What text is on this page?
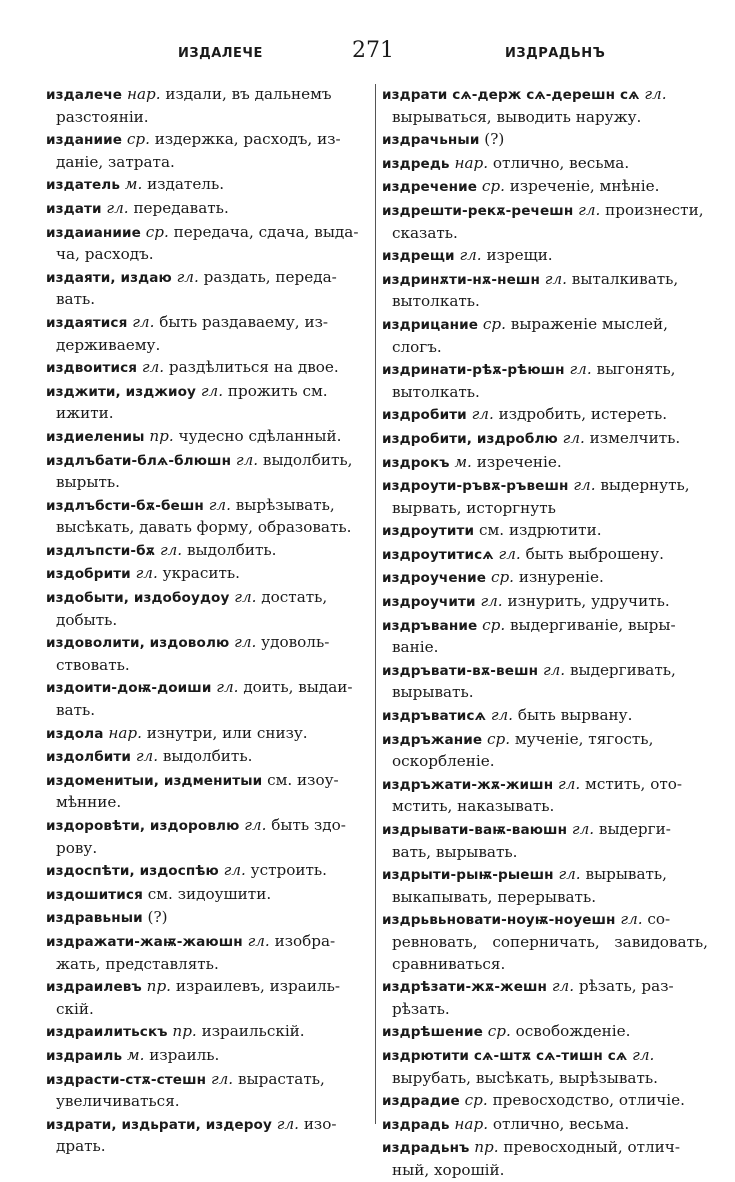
ИЗДАЛЕЧЕ	271	ИЗДРАДЬНЪ
издалече нар. издали, въ дальнемъ
разстояніи.
изданиие ср. издержка, расходъ, из-
даніе, затрата.
издатель м. издатель.
издати гл. передавать.
издаианиие ср. передача, сдача, выда-
ча, расходъ.
издаяти, издаю гл. раздать, переда-
вать.
издаятися гл. быть раздаваему, из-
держиваему.
издвоитися гл. раздѣлиться на двое.
изджити, изджиоу гл. прожить см.
ижити.
издиелениы пр. чудесно сдѣланный.
издлъбати-блѧ-блюшн гл. выдолбить,
вырыть.
издлъбсти-бѫ-бешн гл. вырѣзывать,
высѣкать, давать форму, образовать.
издлъпсти-бѫ гл. выдолбить.
издобрити гл. украсить.
издобыти, издобоудоу гл. достать,
добыть.
издоволити, издоволю гл. удоволь-
ствовать.
издоити-доѭ-доиши гл. доить, выдаи-
вать.
издола нар. изнутри, или снизу.
издолбити гл. выдолбить.
издоменитыи, издменитыи см. изоу-
мѣнние.
издоровѣти, издоровлю гл. быть здо-
рову.
издоспѣти, издоспѣю гл. устроить.
издошитися см. зидоушити.
издравьныи (?)
издражати-жаѭ-жаюшн гл. изобра-
жать, представлять.
издраилевъ пр. израилевъ, израиль-
скій.
издраилитьскъ пр. израильскій.
издраиль м. израиль.
издрасти-стѫ-стешн гл. вырастать,
увеличиваться.
издрати, издьрати, издероу гл. изо-
драть.
издрати сѧ-держ сѧ-дерешн сѧ гл.
вырываться, выводить наружу.
издрачьныи (?)
издредь нар. отлично, весьма.
издречение ср. изреченіе, мнѣніе.
издрешти-рекѫ-речешн гл. произнести,
сказать.
издрещи гл. изрещи.
издринѫти-нѫ-нешн гл. выталкивать,
вытолкать.
издрицание ср. выраженіе мыслей,
слогъ.
издринати-рѣѫ-рѣюшн гл. выгонять,
вытолкать.
издробити гл. издробить, истереть.
издробити, издроблю гл. измелчить.
издрокъ м. изреченіе.
издроути-ръвѫ-ръвешн гл. выдернуть,
вырвать, исторгнуть
издроутити см. издрютити.
издроутитисѧ гл. быть выброшену.
издроучение ср. изнуреніе.
издроучити гл. изнурить, удручить.
издръвание ср. выдергиваніе, выры-
ваніе.
издръвати-вѫ-вешн гл. выдергивать,
вырывать.
издръватисѧ гл. быть вырвану.
издръжание ср. мученіе, тягость,
оскорбленіе.
издръжати-жѫ-жишн гл. мстить, ото-
мстить, наказывать.
издрывати-ваѭ-ваюшн гл. выдерги-
вать, вырывать.
издрыти-рыѭ-рыешн гл. вырывать,
выкапывать, перерывать.
издрьвьновати-ноуѭ-ноуешн гл. со-
ревновать, соперничать, завидовать, сравниваться.
издрѣзати-жѫ-жешн гл. рѣзать, раз-
рѣзать.
издрѣшение ср. освобожденіе.
издрютити сѧ-штѫ сѧ-тишн сѧ гл.
вырубать, высѣкать, вырѣзывать.
издрадие ср. превосходство, отличіе.
издрадь нар. отлично, весьма.
издрадьнъ пр. превосходный, отлич-
ный, хорошій.
